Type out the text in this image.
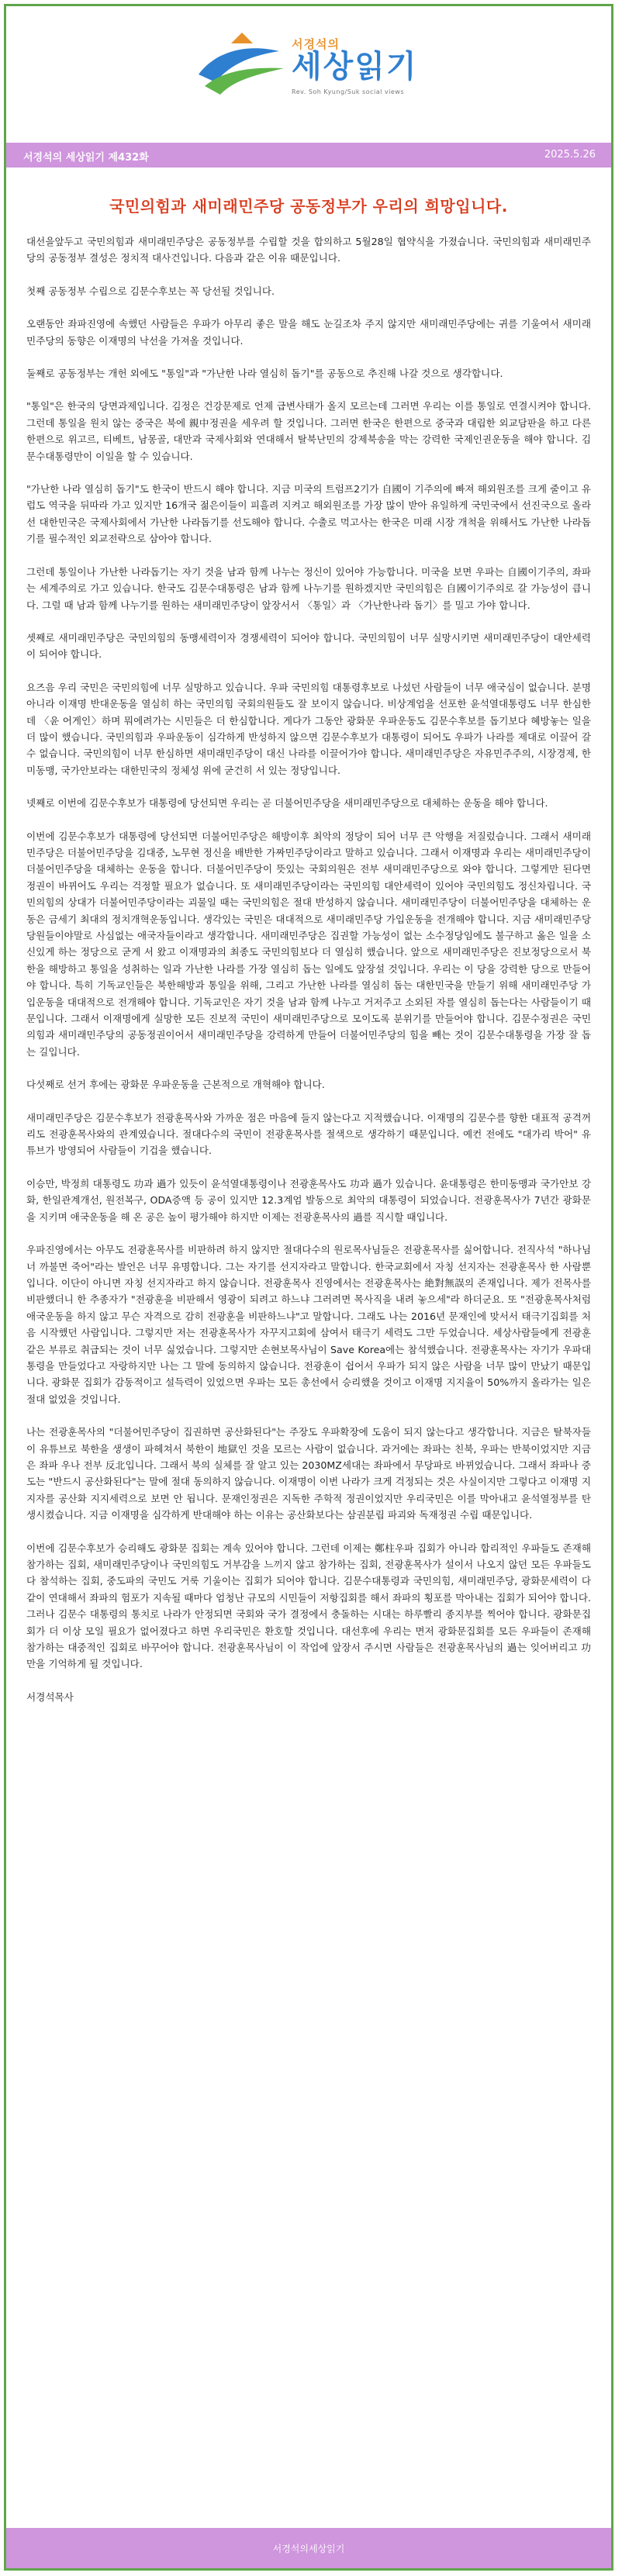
서경석의
세상읽기
Rev. Soh Kyung/Suk social views
서경석의 세상읽기 제432화	2025.5.26
국민의힘과 새미래민주당 공동정부가 우리의 희망입니다.

대선을앞두고 국민의힘과 새미래민주당은 공동정부를 수립할 것을 합의하고 5월28일 협약식을 가졌습니다. 국민의힘과 새미래민주당의 공동정부 결성은 정치적 대사건입니다. 다음과 같은 이유 때문입니다.

첫째 공동정부 수립으로 김문수후보는 꼭 당선될 것입니다.

오랜동안 좌파진영에 속했던 사람들은 우파가 아무리 좋은 말을 해도 눈길조차 주지 않지만 새미래민주당에는 귀를 기울여서 새미래민주당의 동향은 이재명의 낙선을 가져올 것입니다.

둘째로 공동정부는 개헌 외에도 "통일"과 "가난한 나라 열심히 돕기"를 공동으로 추진해 나갈 것으로 생각합니다.

"통일"은 한국의 당면과제입니다. 김정은 건강문제로 언제 급변사태가 올지 모르는데 그러면 우리는 이를 통일로 연결시켜야 합니다. 그런데 통일을 원치 않는 중국은 북에 親中정권을 세우려 할 것입니다. 그러면 한국은 한편으로 중국과 대립한 외교담판을 하고 다른 한편으로 위고르, 티베트, 남몽골, 대만과 국제사회와 연대해서 탈북난민의 강제북송을 막는 강력한 국제인권운동을 해야 합니다. 김문수대통령만이 이일을 할 수 있습니다.

"가난한 나라 열심히 돕기"도 한국이 반드시 해야 합니다. 지금 미국의 트럼프2기가 自國이 기주의에 빠져 해외원조를 크게 줄이고 유럽도 역국을 뒤따라 가고 있지만 16개국 젊은이들이 피흘려 지켜고 해외원조를 가장 많이 받아 유일하게 국민국에서 선진국으로 올라 선 대한민국은 국제사회에서 가난한 나라돕기를 선도해야 합니다. 수출로 먹고사는 한국은 미래 시장 개척을 위해서도 가난한 나라돕기를 필수적인 외교전략으로 삼아야 합니다.

그런데 통일이나 가난한 나라돕기는 자기 것을 남과 함께 나누는 정신이 있어야 가능합니다. 미국을 보면 우파는 自國이기주의, 좌파는 세계주의로 가고 있습니다. 한국도 김문수대통령은 남과 함께 나누기를 원하겠지만 국민의힘은 自國이기주의로 갈 가능성이 큽니다. 그럴 때 남과 함께 나누기를 원하는 새미래민주당이 앞장서서 〈통일〉과 〈가난한나라 돕기〉를 밀고 가야 합니다.

셋째로 새미래민주당은 국민의힘의 동맹세력이자 경쟁세력이 되어야 합니다. 국민의힘이 너무 실망시키면 새미래민주당이 대안세력이 되어야 합니다.

요즈음 우리 국민은 국민의힘에 너무 실망하고 있습니다. 우파 국민의힘 대통령후보로 나섰던 사람들이 너무 애국심이 없습니다. 분명 아니라 이재명 반대운동을 열심히 하는 국민의힘 국회의원들도 잘 보이지 않습니다. 비상계엄을 선포한 윤석열대통령도 너무 한심한데 〈윤 어게인〉하며 뭐에려가는 시민들은 더 한심합니다. 게다가 그동안 광화문 우파운동도 김문수후보를 돕기보다 혜방놓는 일을 더 많이 했습니다. 국민의힘과 우파운동이 심각하게 반성하지 않으면 김문수후보가 대통령이 되어도 우파가 나라를 제대로 이끌어 갈 수 없습니다. 국민의힘이 너무 한심하면 새미래민주당이 대신 나라를 이끌어가야 합니다. 새미래민주당은 자유민주주의, 시장경제, 한미동맹, 국가안보라는 대한민국의 정체성 위에 굳건히 서 있는 정당입니다.

넷째로 이번에 김문수후보가 대통령에 당선되면 우리는 곧 더불어민주당을 새미래민주당으로 대체하는 운동을 해야 합니다.

이번에 김문수후보가 대통령에 당선되면 더불어민주당은 해방이후 최악의 정당이 되어 너무 큰 악행을 저질렀습니다. 그래서 새미래민주당은 더불어민주당을 김대중, 노무현 정신을 배반한 가짜민주당이라고 말하고 있습니다. 그래서 이재명과 우리는 새미래민주당이 더불어민주당을 대체하는 운동을 합니다. 더불어민주당이 뜻있는 국회의원은 전부 새미래민주당으로 와야 합니다. 그렇게만 된다면 정권이 바뀌어도 우리는 걱정할 필요가 없습니다. 또 새미래민주당이라는 국민의힘 대안세력이 있어야 국민의힘도 정신차립니다. 국민의힘의 상대가 더불어민주당이라는 괴물일 때는 국민의힘은 절대 반성하지 않습니다. 새미래민주당이 더불어민주당을 대체하는 운동은 금세기 최대의 정치개혁운동입니다. 생각있는 국민은 대대적으로 새미래민주당 가입운동을 전개해야 합니다. 지금 새미래민주당 당원들이야말로 사심없는 애국자들이라고 생각합니다. 새미래민주당은 집권할 가능성이 없는 소수정당임에도 불구하고 옳은 일을 소신있게 하는 정당으로 굳게 서 왔고 이재명과의 최종도 국민의힘보다 더 열심히 했습니다. 앞으로 새미래민주당은 진보정당으로서 북한을 해방하고 통일을 성취하는 일과 가난한 나라를 가장 열심히 돕는 일에도 앞장설 것입니다. 우리는 이 당을 강력한 당으로 만들어야 합니다. 특히 기독교인들은 북한해방과 통일을 위해, 그리고 가난한 나라를 열심히 돕는 대한민국을 만들기 위해 새미래민주당 가입운동을 대대적으로 전개해야 합니다. 기독교인은 자기 것을 남과 함께 나누고 거저주고 소외된 자를 열심히 돕는다는 사람들이기 때문입니다. 그래서 이재명에게 실망한 모든 진보적 국민이 새미래민주당으로 모이도록 분위기를 만들어야 합니다. 김문수정권은 국민의힘과 새미래민주당의 공동정권이어서 새미래민주당을 강력하게 만들어 더불어민주당의 힘을 빼는 것이 김문수대통령을 가장 잘 돕는 길입니다.

다섯째로 선거 후에는 광화문 우파운동을 근본적으로 개혁해야 합니다.

새미래민주당은 김문수후보가 전광훈목사와 가까운 점은 마음에 들지 않는다고 지적했습니다. 이재명의 김문수를 향한 대표적 공격꺼리도 전광훈목사와의 관계였습니다. 절대다수의 국민이 전광훈목사를 절색으로 생각하기 때문입니다. 예컨 전에도 "대가리 박어" 유튜브가 방영되어 사람들이 기겁을 했습니다.

이승만, 박정희 대통령도 功과 過가 있듯이 윤석열대통령이나 전광훈목사도 功과 過가 있습니다. 윤대통령은 한미동맹과 국가안보 강화, 한일관계개선, 원전복구, ODA증액 등 공이 있지만 12.3계엄 발동으로 최악의 대통령이 되었습니다. 전광훈목사가 7년간 광화문을 지키며 애국운동을 해 온 공은 높이 평가해야 하지만 이제는 전광훈목사의 過를 직시할 때입니다.

우파진영에서는 아무도 전광훈목사를 비판하려 하지 않지만 절대다수의 원로목사님들은 전광훈목사를 싫어합니다. 전직사석 "하나님 너 까불면 죽어"라는 발언은 너무 유명합니다. 그는 자기를 선지자라고 말합니다. 한국교회에서 자칭 선지자는 전광훈목사 한 사람뿐입니다. 이단이 아니면 자칭 선지자라고 하지 않습니다. 전광훈목사 진영에서는 전광훈목사는 絶對無誤의 존재입니다. 제가 전목사를 비판했더니 한 추종자가 "전광훈을 비판해서 영광이 되려고 하느냐 그러려면 목사직을 내려 놓으세"라 하더군요. 또 "전광훈목사처럼 애국운동을 하지 않고 무슨 자격으로 감히 전광훈을 비판하느냐"고 말합니다. 그래도 나는 2016년 문재인에 맞서서 태극기집회를 처음 시작했던 사람입니다. 그렇지만 저는 전광훈목사가 자꾸지고회에 삼여서 태극기 세력도 그만 두었습니다. 세상사람들에게 전광훈같은 부류로 취급되는 것이 너무 싫었습니다. 그렇지만 손현보목사님이 Save Korea에는 참석했습니다. 전광훈목사는 자기가 우파대통령을 만들었다고 자랑하지만 나는 그 말에 동의하지 않습니다. 전광훈이 쉽어서 우파가 되지 않은 사람을 너무 많이 만났기 때문입니다. 광화문 집회가 감동적이고 설득력이 있었으면 우파는 모든 총선에서 승리했을 것이고 이재명 지지율이 50%까지 올라가는 일은 절대 없었을 것입니다.

나는 전광훈목사의 "더불어민주당이 집권하면 공산화된다"는 주장도 우파확장에 도움이 되지 않는다고 생각합니다. 지금은 탈북자들이 유튜브로 북한을 생생이 파헤쳐서 북한이 地獄인 것을 모르는 사람이 없습니다. 과거에는 좌파는 친북, 우파는 반북이었지만 지금은 좌파 우나 전부 反北입니다. 그래서 북의 실체를 잘 알고 있는 2030MZ세대는 좌파에서 무당파로 바뀌었습니다. 그래서 좌파나 중도는 "반드시 공산화된다"는 말에 절대 동의하지 않습니다. 이재명이 이번 나라가 크게 걱정되는 것은 사실이지만 그렇다고 이재명 지지자를 공산화 지지세력으로 보면 안 됩니다. 문재인정권은 지독한 주학적 정권이었지만 우리국민은 이를 막아내고 윤석열정부를 탄생시켰습니다. 지금 이재명을 심각하게 반대해야 하는 이유는 공산화보다는 삼권분립 파괴와 독재정권 수립 때문입니다.

이번에 김문수후보가 승리해도 광화문 집회는 계속 있어야 합니다. 그런데 이제는 鄭柱우파 집회가 아니라 합리적인 우파들도 존재해 참가하는 집회, 새미래민주당이나 국민의힘도 거부감을 느끼지 않고 참가하는 집회, 전광훈목사가 설이서 나오지 않던 모든 우파들도 다 참석하는 집회, 중도파의 국민도 거룩 기울이는 집회가 되어야 합니다. 김문수대통령과 국민의힘, 새미래민주당, 광화문세력이 다같이 연대해서 좌파의 험포가 지속될 때마다 엄청난 규모의 시민들이 저항집회를 해서 좌파의 횡포를 막아내는 집회가 되어야 합니다. 그러나 김문수 대통령의 통치로 나라가 안정되면 국회와 국가 결정에서 충돌하는 시대는 하루빨리 종지부를 찍어야 합니다. 광화문집회가 더 이상 모일 필요가 없어졌다고 하면 우리국민은 환호할 것입니다. 대선후에 우리는 면저 광화문집회를 모든 우파들이 존재해 참가하는 대중적인 집회로 바꾸어야 합니다. 전광훈목사님이 이 작업에 앞장서 주시면 사람들은 전광훈목사님의 過는 잊어버리고 功만을 기억하게 될 것입니다.

서경석목사

서경석의세상읽기
